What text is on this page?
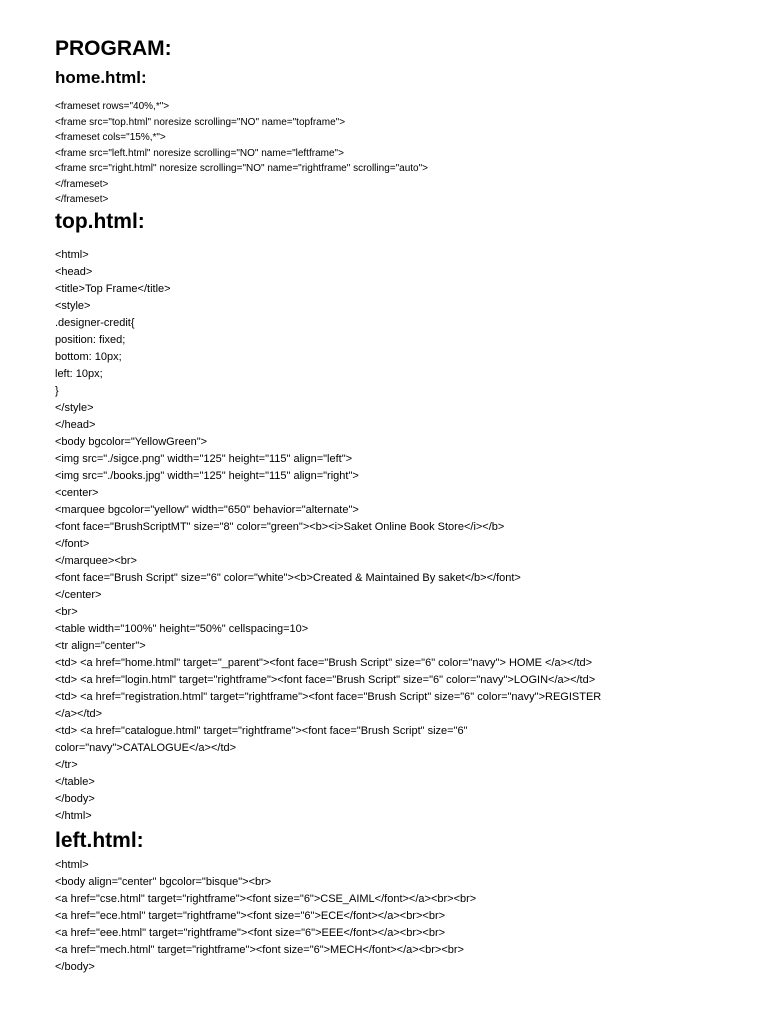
PROGRAM:
home.html:
<frameset rows="40%,*">
<frame src="top.html" noresize scrolling="NO" name="topframe">
<frameset cols="15%,*">
<frame src="left.html" noresize scrolling="NO" name="leftframe">
<frame src="right.html" noresize scrolling="NO" name="rightframe" scrolling="auto">
</frameset>
</frameset>
top.html:
<html>
<head>
<title>Top Frame</title>
<style>
.designer-credit{
position: fixed;
bottom: 10px;
left: 10px;
}
</style>
</head>
<body bgcolor="YellowGreen">
<img src="./sigce.png" width="125" height="115" align="left">
<img src="./books.jpg" width="125" height="115" align="right">
<center>
<marquee bgcolor="yellow" width="650" behavior="alternate">
<font face="BrushScriptMT" size="8" color="green"><b><i>Saket Online Book Store</i></b>
</font>
</marquee><br>
<font face="Brush Script" size="6" color="white"><b>Created & Maintained By saket</b></font>
</center>
<br>
<table width="100%" height="50%" cellspacing=10>
<tr align="center">
<td> <a href="home.html" target="_parent"><font face="Brush Script" size="6" color="navy"> HOME </a></td>
<td> <a href="login.html" target="rightframe"><font face="Brush Script" size="6" color="navy">LOGIN</a></td>
<td> <a href="registration.html" target="rightframe"><font face="Brush Script" size="6" color="navy">REGISTER
</a></td>
<td> <a href="catalogue.html" target="rightframe"><font face="Brush Script" size="6"
color="navy">CATALOGUE</a></td>
</tr>
</table>
</body>
</html>
left.html:
<html>
<body align="center" bgcolor="bisque"><br>
<a href="cse.html" target="rightframe"><font size="6">CSE_AIML</font></a><br><br>
<a href="ece.html" target="rightframe"><font size="6">ECE</font></a><br><br>
<a href="eee.html" target="rightframe"><font size="6">EEE</font></a><br><br>
<a href="mech.html" target="rightframe"><font size="6">MECH</font></a><br><br>
</body>
